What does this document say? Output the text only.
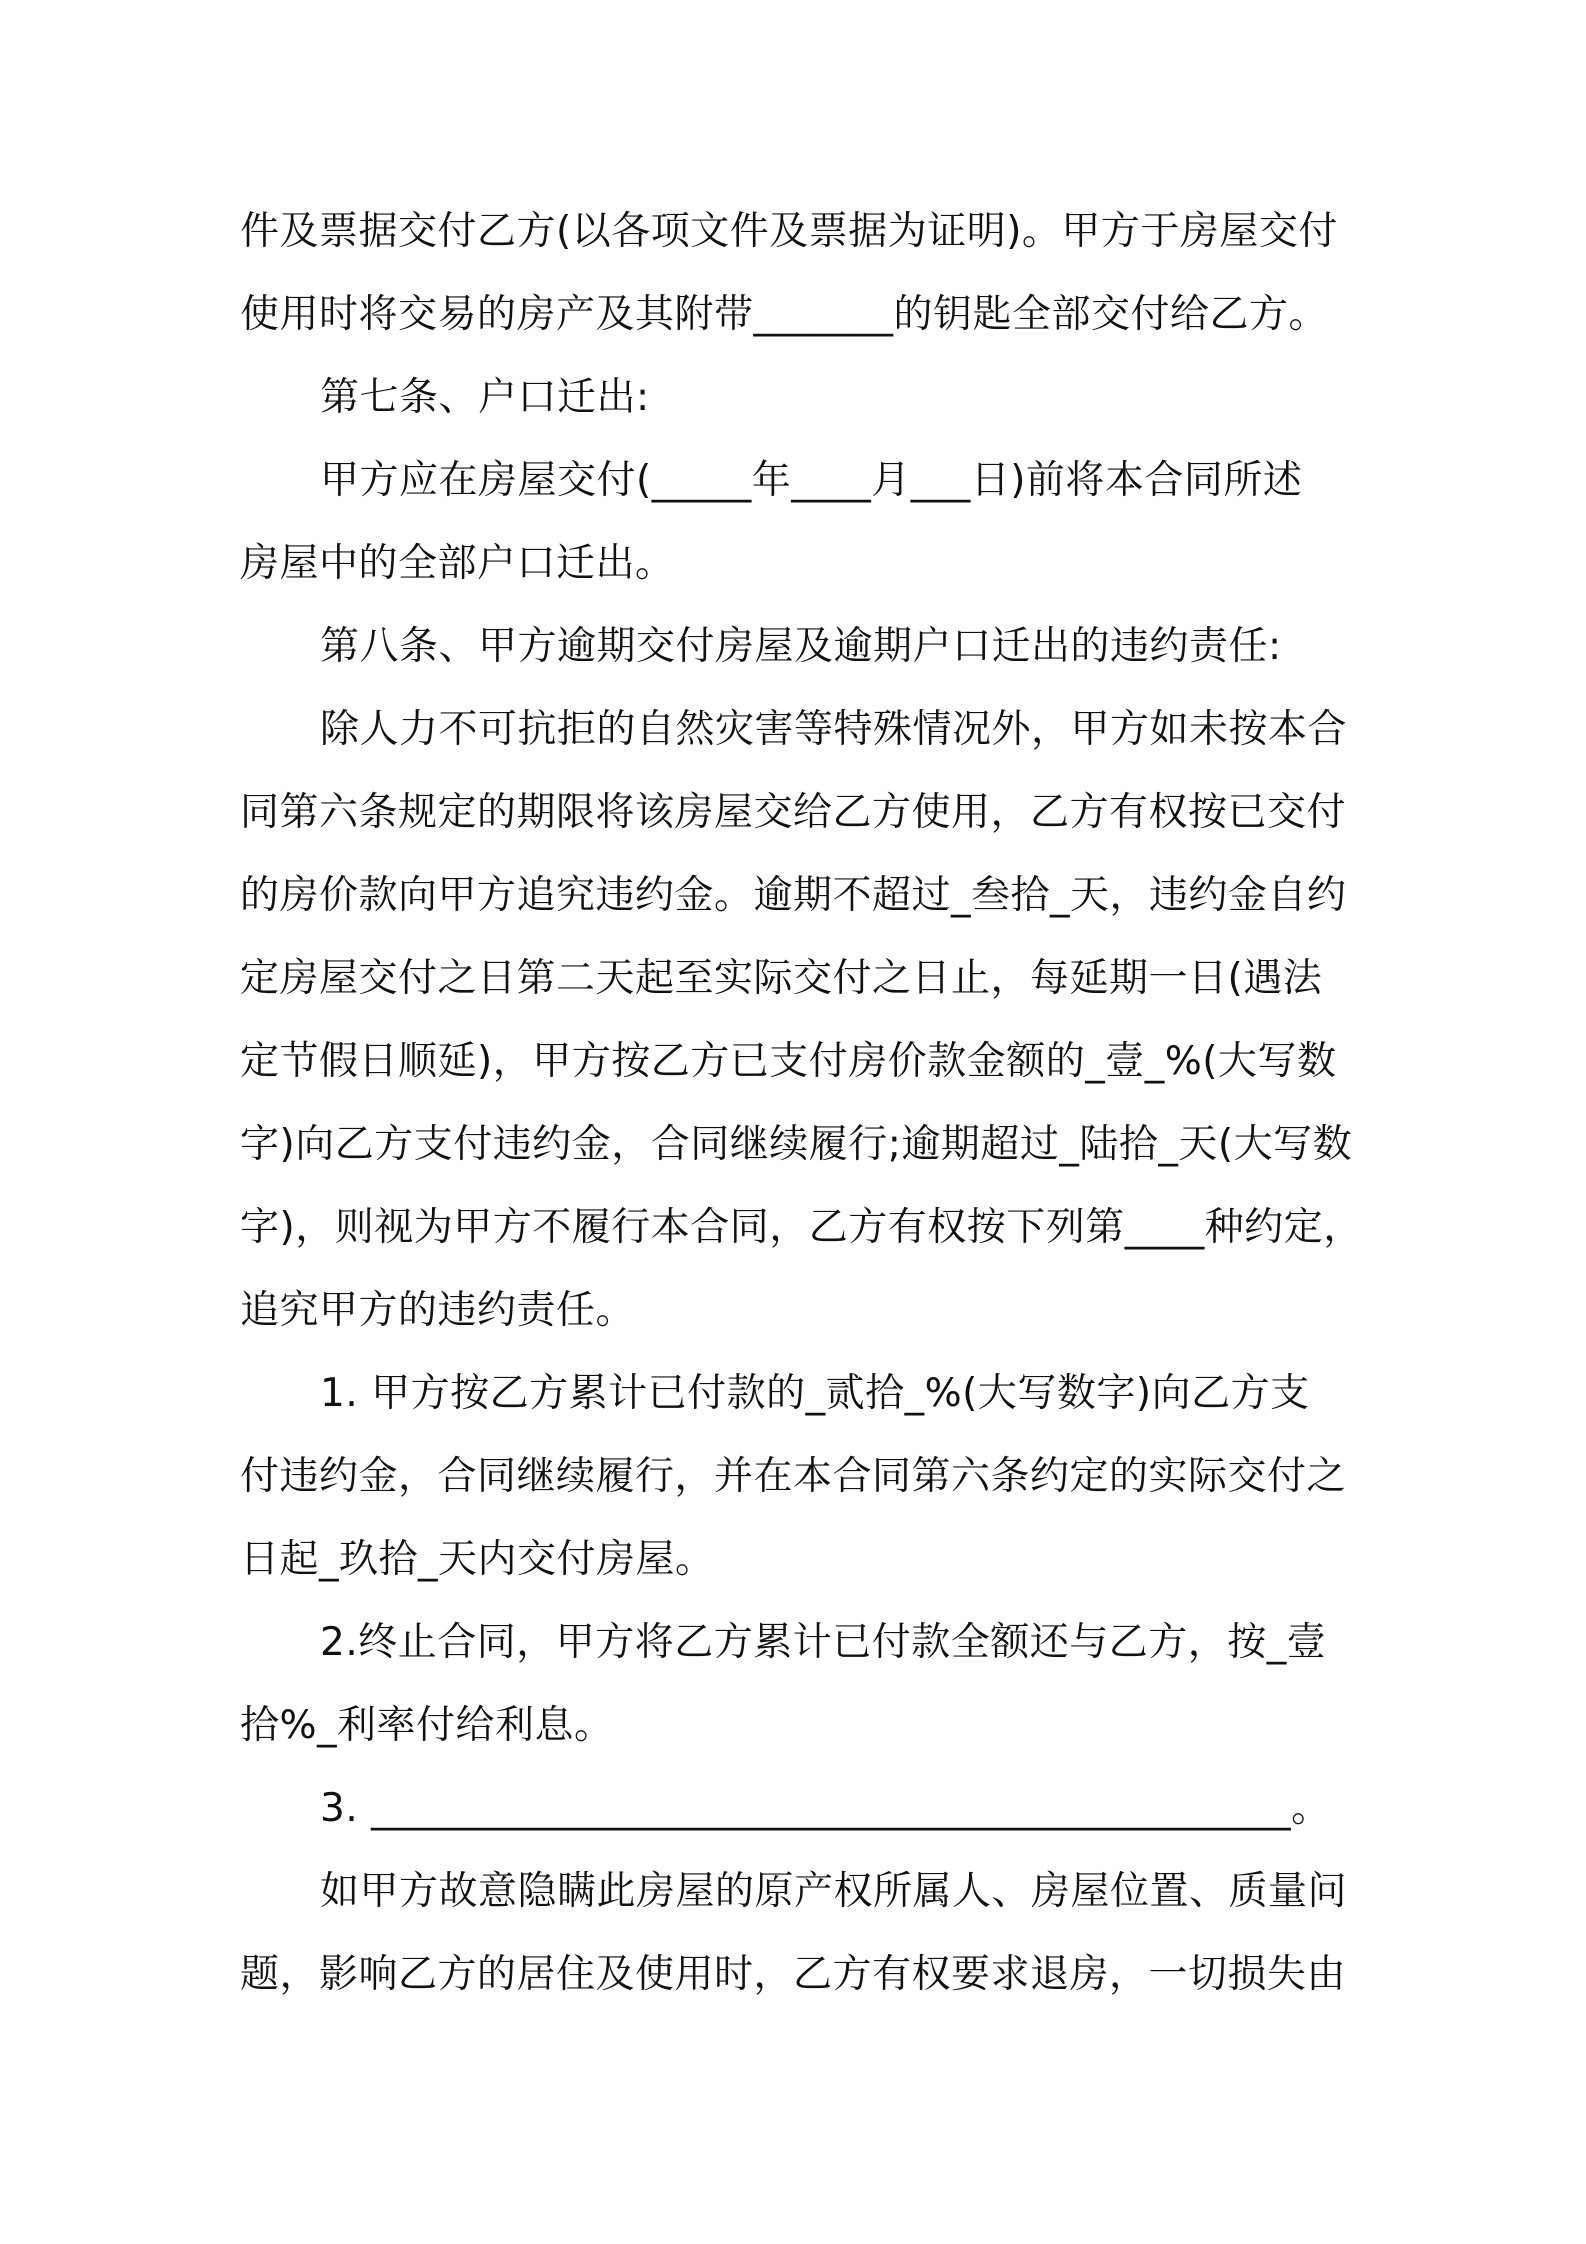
件及票据交付乙方(以各项文件及票据为证明)。甲方于房屋交付
使用时将交易的房产及其附带_______的钥匙全部交付给乙方。
第七条、户口迁出:
甲方应在房屋交付(_____年____月___日)前将本合同所述
房屋中的全部户口迁出。
第八条、甲方逾期交付房屋及逾期户口迁出的违约责任:
除人力不可抗拒的自然灾害等特殊情况外，甲方如未按本合
同第六条规定的期限将该房屋交给乙方使用，乙方有权按已交付
的房价款向甲方追究违约金。逾期不超过_叁拾_天，违约金自约
定房屋交付之日第二天起至实际交付之日止，每延期一日(遇法
定节假日顺延)，甲方按乙方已支付房价款金额的_壹_%(大写数
字)向乙方支付违约金，合同继续履行;逾期超过_陆拾_天(大写数
字)，则视为甲方不履行本合同，乙方有权按下列第____种约定，
追究甲方的违约责任。
1. 甲方按乙方累计已付款的_贰拾_%(大写数字)向乙方支
付违约金，合同继续履行，并在本合同第六条约定的实际交付之
日起_玖拾_天内交付房屋。
2.终止合同，甲方将乙方累计已付款全额还与乙方，按_壹
拾%_利率付给利息。
3. ______________________________________________。
如甲方故意隐瞒此房屋的原产权所属人、房屋位置、质量问
题，影响乙方的居住及使用时，乙方有权要求退房，一切损失由
